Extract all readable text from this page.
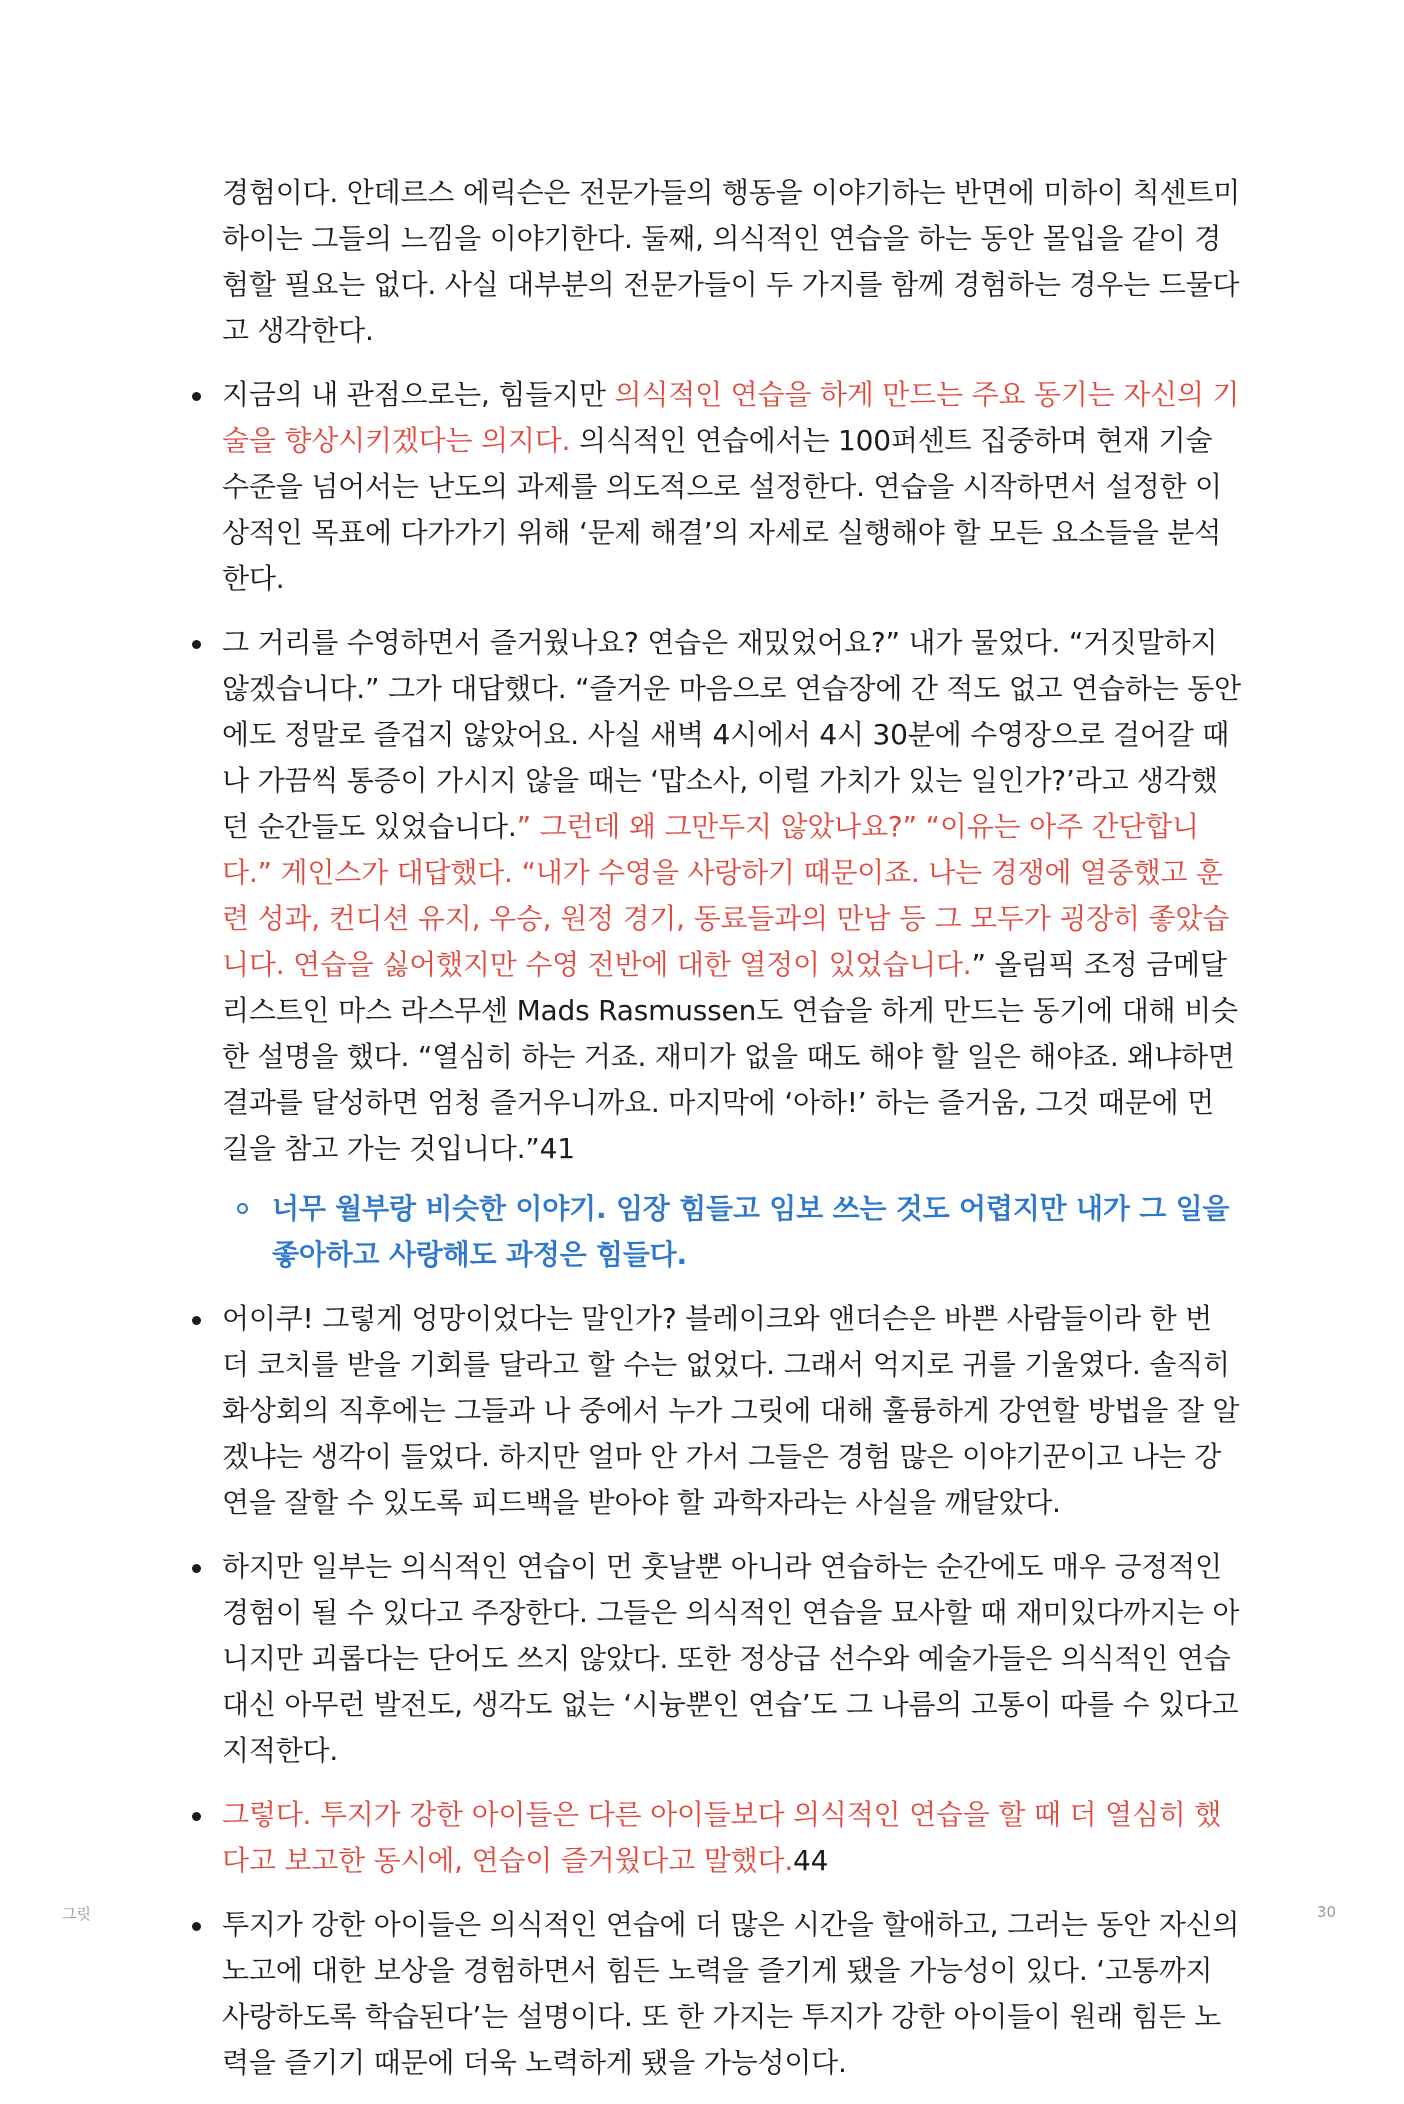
경험이다. 안데르스 에릭슨은 전문가들의 행동을 이야기하는 반면에 미하이 칙센트미하이는 그들의 느낌을 이야기한다. 둘째, 의식적인 연습을 하는 동안 몰입을 같이 경험할 필요는 없다. 사실 대부분의 전문가들이 두 가지를 함께 경험하는 경우는 드물다고 생각한다.

지금의 내 관점으로는, 힘들지만 의식적인 연습을 하게 만드는 주요 동기는 자신의 기술을 향상시키겠다는 의지다. 의식적인 연습에서는 100퍼센트 집중하며 현재 기술 수준을 넘어서는 난도의 과제를 의도적으로 설정한다. 연습을 시작하면서 설정한 이상적인 목표에 다가가기 위해 ‘문제 해결’의 자세로 실행해야 할 모든 요소들을 분석한다.
그 거리를 수영하면서 즐거웠나요? 연습은 재밌었어요?” 내가 물었다. “거짓말하지 않겠습니다.” 그가 대답했다. “즐거운 마음으로 연습장에 간 적도 없고 연습하는 동안에도 정말로 즐겁지 않았어요. 사실 새벽 4시에서 4시 30분에 수영장으로 걸어갈 때나 가끔씩 통증이 가시지 않을 때는 ‘맙소사, 이럴 가치가 있는 일인가?’라고 생각했던 순간들도 있었습니다.” 그런데 왜 그만두지 않았나요?” “이유는 아주 간단합니다.” 게인스가 대답했다. “내가 수영을 사랑하기 때문이죠. 나는 경쟁에 열중했고 훈련 성과, 컨디션 유지, 우승, 원정 경기, 동료들과의 만남 등 그 모두가 굉장히 좋았습니다. 연습을 싫어했지만 수영 전반에 대한 열정이 있었습니다.” 올림픽 조정 금메달리스트인 마스 라스무센 Mads Rasmussen도 연습을 하게 만드는 동기에 대해 비슷한 설명을 했다. “열심히 하는 거죠. 재미가 없을 때도 해야 할 일은 해야죠. 왜냐하면 결과를 달성하면 엄청 즐거우니까요. 마지막에 ‘아하!’ 하는 즐거움, 그것 때문에 먼 길을 참고 가는 것입니다.”41
너무 월부랑 비슷한 이야기. 임장 힘들고 임보 쓰는 것도 어렵지만 내가 그 일을 좋아하고 사랑해도 과정은 힘들다.
어이쿠! 그렇게 엉망이었다는 말인가? 블레이크와 앤더슨은 바쁜 사람들이라 한 번 더 코치를 받을 기회를 달라고 할 수는 없었다. 그래서 억지로 귀를 기울였다. 솔직히 화상회의 직후에는 그들과 나 중에서 누가 그릿에 대해 훌륭하게 강연할 방법을 잘 알겠냐는 생각이 들었다. 하지만 얼마 안 가서 그들은 경험 많은 이야기꾼이고 나는 강연을 잘할 수 있도록 피드백을 받아야 할 과학자라는 사실을 깨달았다.
하지만 일부는 의식적인 연습이 먼 훗날뿐 아니라 연습하는 순간에도 매우 긍정적인 경험이 될 수 있다고 주장한다. 그들은 의식적인 연습을 묘사할 때 재미있다까지는 아니지만 괴롭다는 단어도 쓰지 않았다. 또한 정상급 선수와 예술가들은 의식적인 연습 대신 아무런 발전도, 생각도 없는 ‘시늉뿐인 연습’도 그 나름의 고통이 따를 수 있다고 지적한다.
그렇다. 투지가 강한 아이들은 다른 아이들보다 의식적인 연습을 할 때 더 열심히 했다고 보고한 동시에, 연습이 즐거웠다고 말했다.44
투지가 강한 아이들은 의식적인 연습에 더 많은 시간을 할애하고, 그러는 동안 자신의 노고에 대한 보상을 경험하면서 힘든 노력을 즐기게 됐을 가능성이 있다. ‘고통까지 사랑하도록 학습된다’는 설명이다. 또 한 가지는 투지가 강한 아이들이 원래 힘든 노력을 즐기기 때문에 더욱 노력하게 됐을 가능성이다.
그릿	30
